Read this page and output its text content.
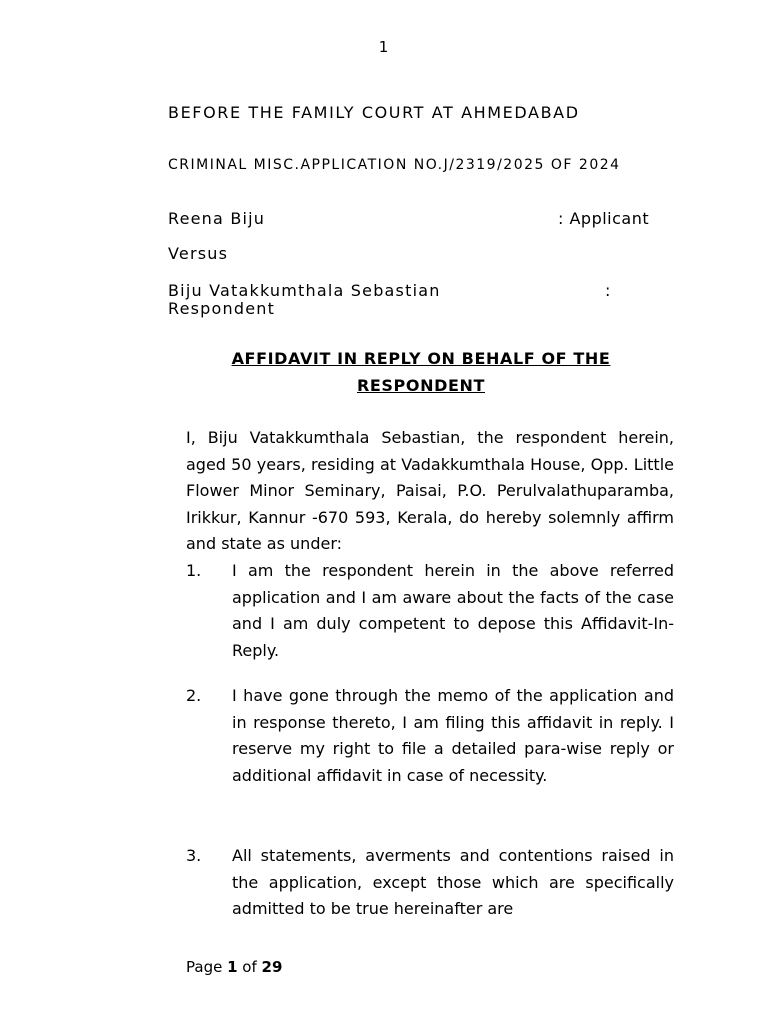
1
BEFORE THE FAMILY COURT AT AHMEDABAD
CRIMINAL MISC.APPLICATION NO.J/2319/2025 OF 2024
Reena Biju	: Applicant
Versus
Biju Vatakkumthala Sebastian	:
Respondent
AFFIDAVIT IN REPLY ON BEHALF OF THE
RESPONDENT
I, Biju Vatakkumthala Sebastian, the respondent herein, aged 50 years, residing at Vadakkumthala House, Opp. Little Flower Minor Seminary, Paisai, P.O. Perulvalathuparamba, Irikkur, Kannur -670 593, Kerala, do hereby solemnly affirm and state as under:
1. I am the respondent herein in the above referred application and I am aware about the facts of the case and I am duly competent to depose this Affidavit-In-Reply.
2. I have gone through the memo of the application and in response thereto, I am filing this affidavit in reply. I reserve my right to file a detailed para-wise reply or additional affidavit in case of necessity.
3. All statements, averments and contentions raised in the application, except those which are specifically admitted to be true hereinafter are
Page 1 of 29
